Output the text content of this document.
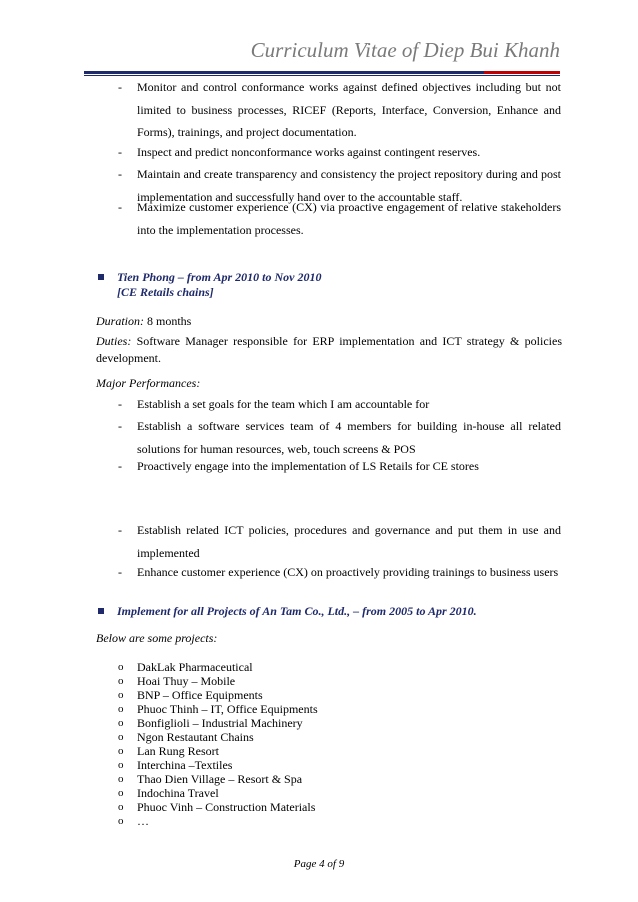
Curriculum Vitae of Diep Bui Khanh
-	Monitor and control conformance works against defined objectives including but not limited to business processes, RICEF (Reports, Interface, Conversion, Enhance and Forms), trainings, and project documentation.
-	Inspect and predict nonconformance works against contingent reserves.
-	Maintain and create transparency and consistency the project repository during and post implementation and successfully hand over to the accountable staff.
-	Maximize customer experience (CX) via proactive engagement of relative stakeholders into the implementation processes.
Tien Phong – from Apr 2010 to Nov 2010
[CE Retails chains]
Duration: 8 months
Duties: Software Manager responsible for ERP implementation and ICT strategy & policies development.
Major Performances:
-	Establish a set goals for the team which I am accountable for
-	Establish a software services team of 4 members for building in-house all related solutions for human resources, web, touch screens & POS
-	Proactively engage into the implementation of LS Retails for CE stores
-	Establish related ICT policies, procedures and governance and put them in use and implemented
-	Enhance customer experience (CX) on proactively providing trainings to business users
Implement for all Projects of An Tam Co., Ltd., – from 2005 to Apr 2010.
Below are some projects:
o DakLak Pharmaceutical
o Hoai Thuy – Mobile
o BNP – Office Equipments
o Phuoc Thinh – IT, Office Equipments
o Bonfiglioli – Industrial Machinery
o Ngon Restautant Chains
o Lan Rung Resort
o Interchina –Textiles
o Thao Dien Village – Resort & Spa
o Indochina Travel
o Phuoc Vinh – Construction Materials
o …
Page 4 of 9
